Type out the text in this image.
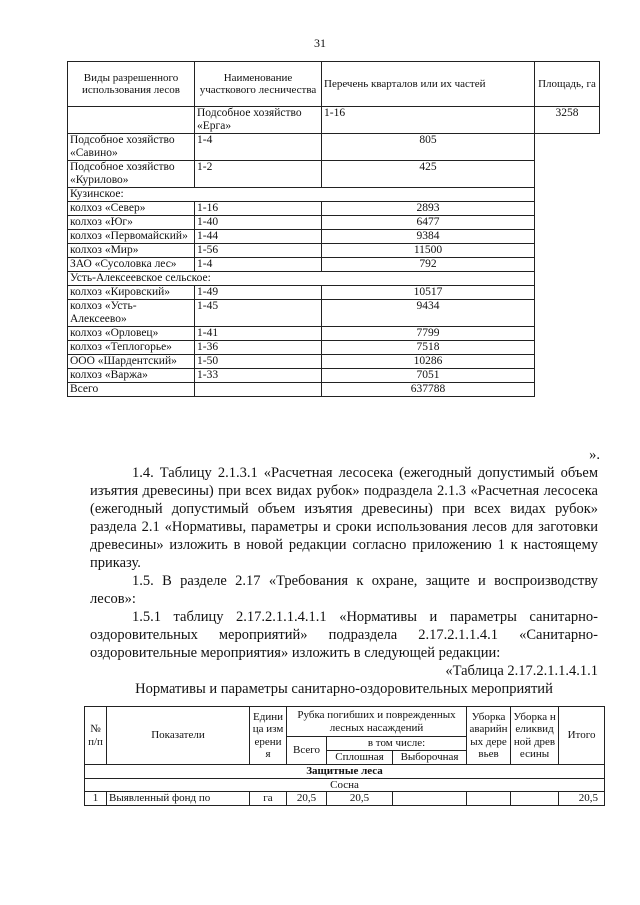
31
Виды разрешенного использования лесов	Наименование участкового лесничества	Перечень кварталов или их частей	Площадь, га
	Подсобное хозяйство «Ерга»	1-16	3258
Подсобное хозяйство «Савино»	1-4	805	
Подсобное хозяйство «Курилово»	1-2	425	
Кузинское:			
колхоз «Север»	1-16	2893	
колхоз «Юг»	1-40	6477	
колхоз «Первомайский»	1-44	9384	
колхоз «Мир»	1-56	11500	
ЗАО «Сусоловка лес»	1-4	792	
Усть-Алексеевское сельское:			
колхоз «Кировский»	1-49	10517	
колхоз «Усть-Алексеево»	1-45	9434	
колхоз «Орловец»	1-41	7799	
колхоз «Теплогорье»	1-36	7518	
ООО «Шардентский»	1-50	10286	
колхоз «Варжа»	1-33	7051	
Всего		637788	
».
1.4. Таблицу 2.1.3.1 «Расчетная лесосека (ежегодный допустимый объем изъятия древесины) при всех видах рубок» подраздела 2.1.3 «Расчетная лесосека (ежегодный допустимый объем изъятия древесины) при всех видах рубок» раздела 2.1 «Нормативы, параметры и сроки использования лесов для заготовки древесины» изложить в новой редакции согласно приложению 1 к настоящему приказу.
1.5. В разделе 2.17 «Требования к охране, защите и воспроизводству лесов»:
1.5.1 таблицу 2.17.2.1.1.4.1.1 «Нормативы и параметры санитарно-оздоровительных мероприятий» подраздела 2.17.2.1.1.4.1 «Санитарно-оздоровительные мероприятия» изложить в следующей редакции:
«Таблица 2.17.2.1.1.4.1.1
Нормативы и параметры санитарно-оздоровительных мероприятий
№ п/п	Показатели	Единица измерения	Рубка погибших и поврежденных лесных насаждений			Уборка аварийных деревьев	Уборка неликвидной древесины	Итого
			Всего	в том числе:				
				Сплошная	Выборочная			
Защитные леса								
Сосна								
1	Выявленный фонд по	га	20,5	20,5				20,5
